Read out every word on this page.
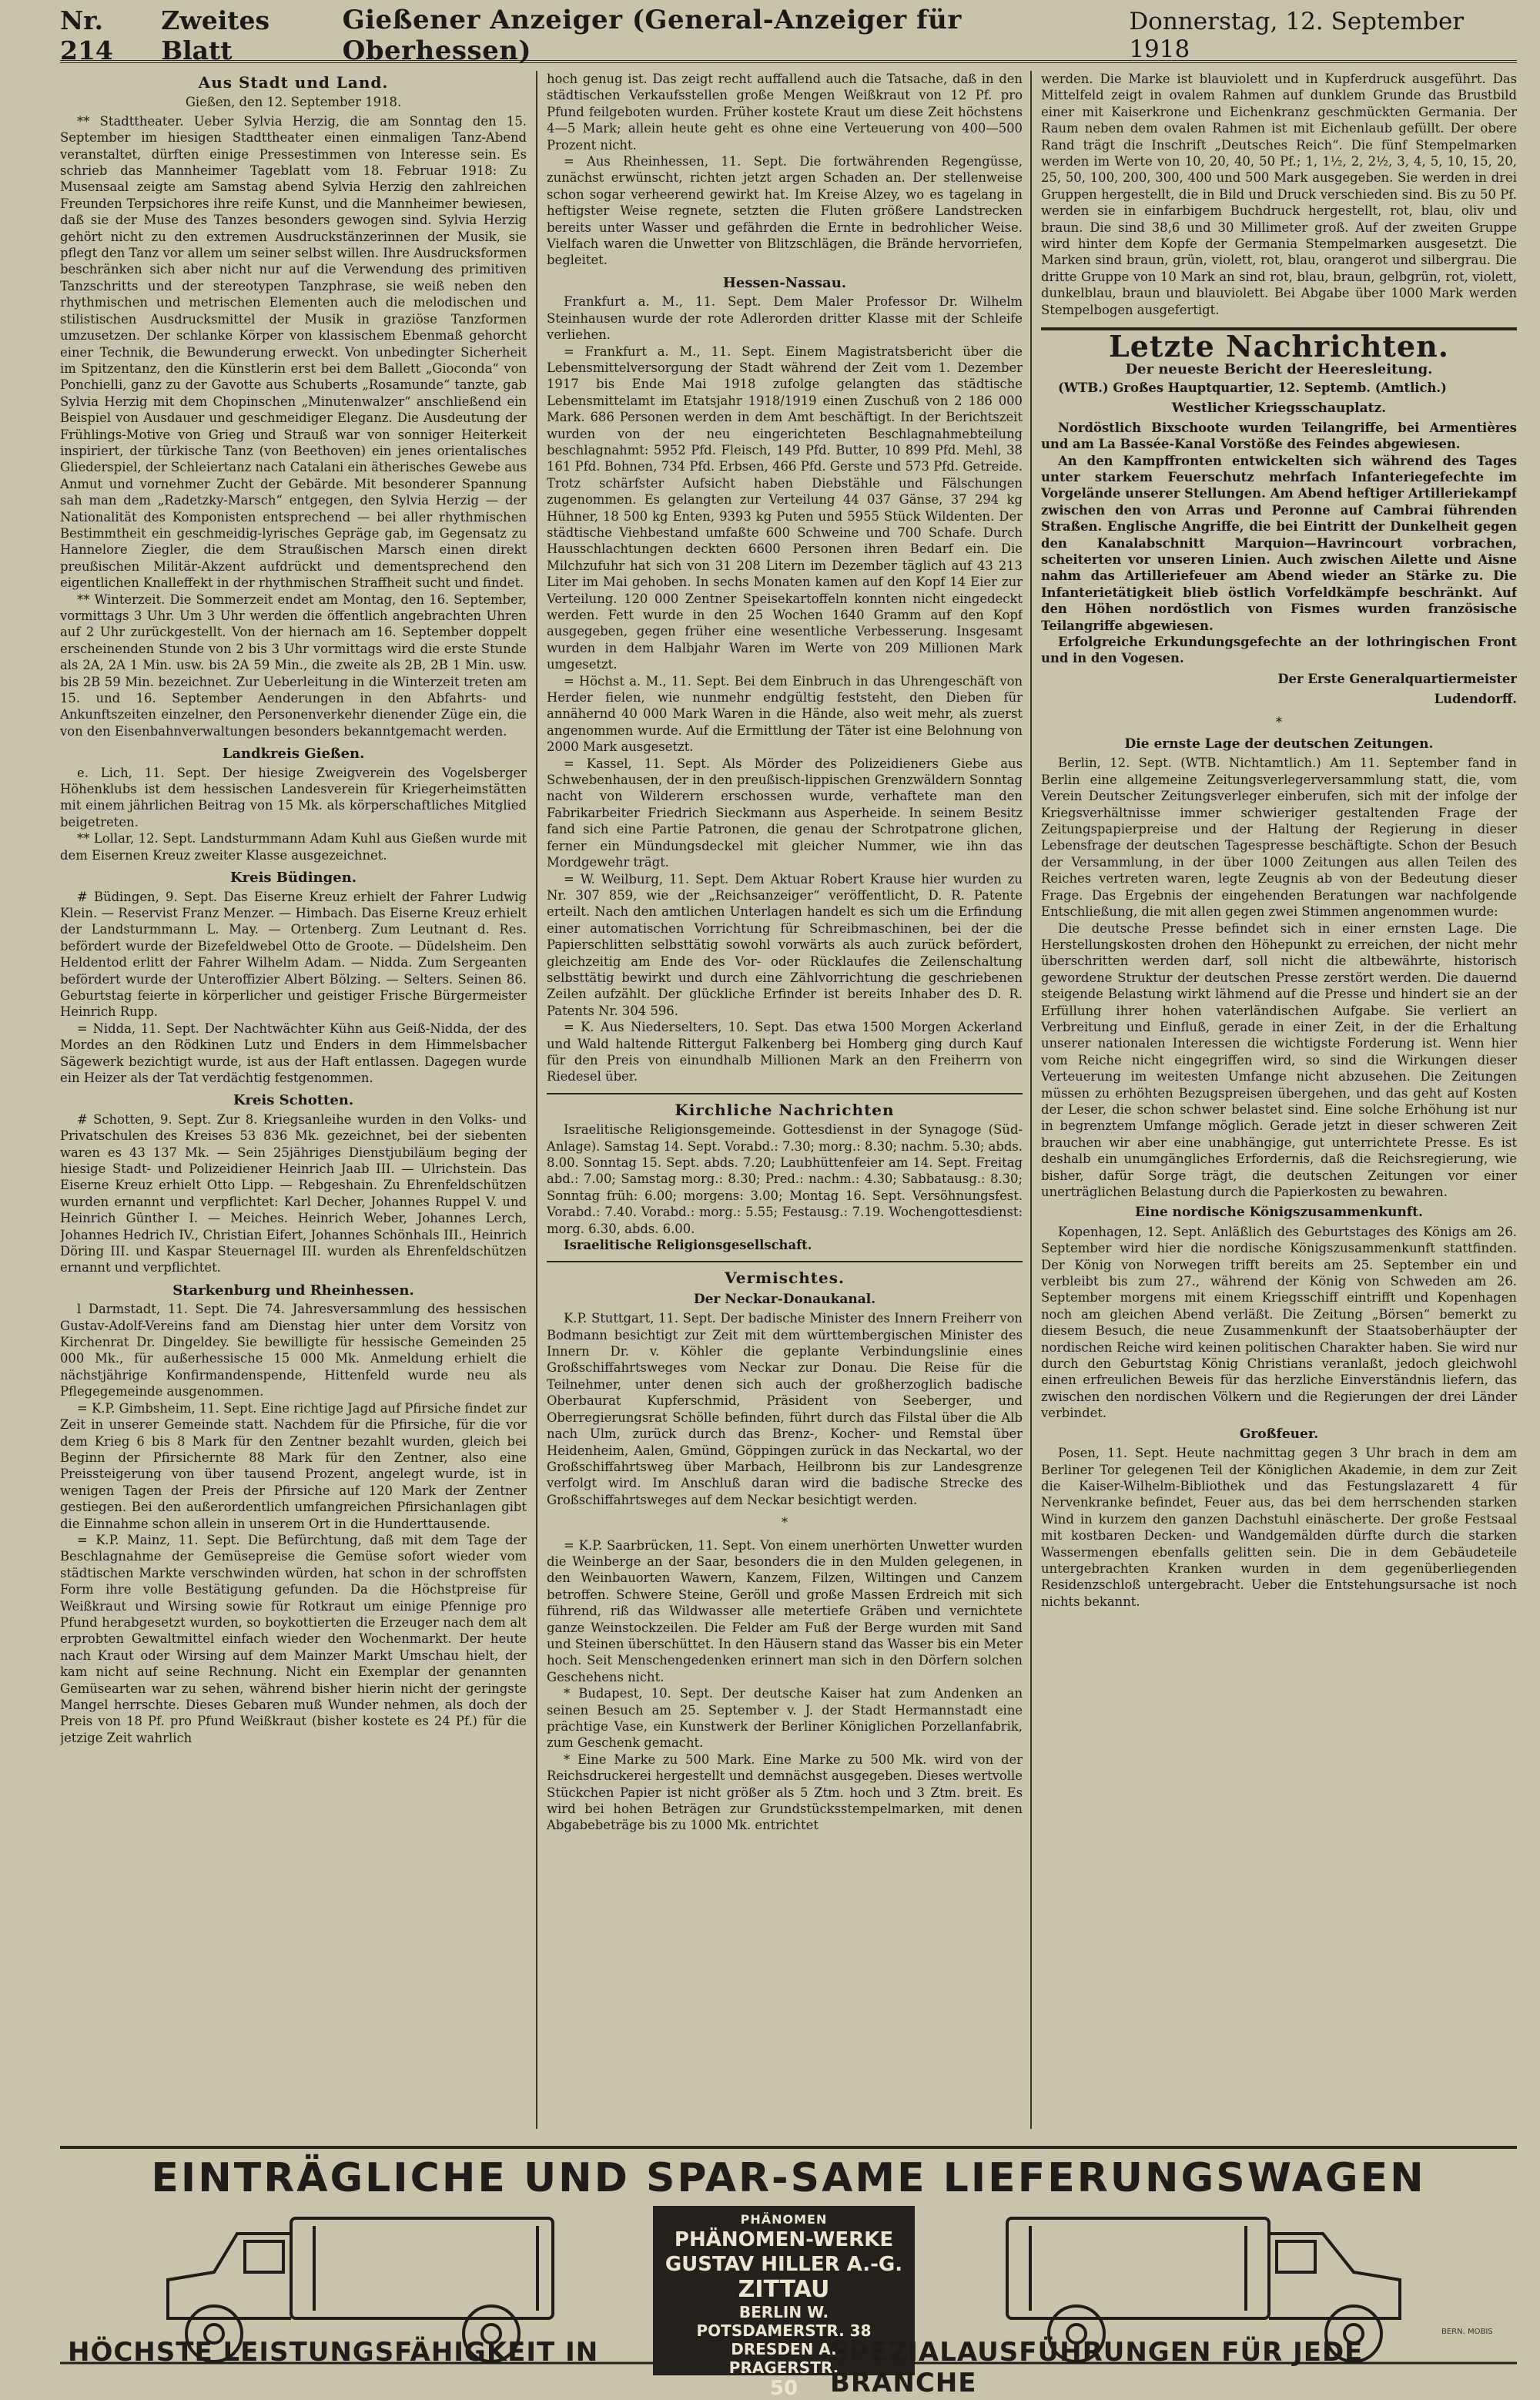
Nr. 214
Zweites Blatt
Gießener Anzeiger (General-Anzeiger für Oberhessen)
Donnerstag, 12. September 1918
Aus Stadt und Land.

Gießen, den 12. September 1918.

** Stadttheater. Ueber Sylvia Herzig, die am Sonntag den 15. September im hiesigen Stadttheater einen einmaligen Tanz-Abend veranstaltet, dürften einige Pressestimmen von Interesse sein. Es schrieb das Mannheimer Tageblatt vom 18. Februar 1918: Zu Musensaal zeigte am Samstag abend Sylvia Herzig den zahlreichen Freunden Terpsichores ihre reife Kunst, und die Mannheimer bewiesen, daß sie der Muse des Tanzes besonders gewogen sind. Sylvia Herzig gehört nicht zu den extremen Ausdruckstänzerinnen der Musik, sie pflegt den Tanz vor allem um seiner selbst willen. Ihre Ausdrucksformen beschränken sich aber nicht nur auf die Verwendung des primitiven Tanzschritts und der stereotypen Tanzphrase, sie weiß neben den rhythmischen und metrischen Elementen auch die melodischen und stilistischen Ausdrucksmittel der Musik in graziöse Tanzformen umzusetzen. Der schlanke Körper von klassischem Ebenmaß gehorcht einer Technik, die Bewunderung erweckt. Von unbedingter Sicherheit im Spitzentanz, den die Künstlerin erst bei dem Ballett „Gioconda“ von Ponchielli, ganz zu der Gavotte aus Schuberts „Rosamunde“ tanzte, gab Sylvia Herzig mit dem Chopinschen „Minutenwalzer“ anschließend ein Beispiel von Ausdauer und geschmeidiger Eleganz. Die Ausdeutung der Frühlings-Motive von Grieg und Strauß war von sonniger Heiterkeit inspiriert, der türkische Tanz (von Beethoven) ein jenes orientalisches Gliederspiel, der Schleiertanz nach Catalani ein ätherisches Gewebe aus Anmut und vornehmer Zucht der Gebärde. Mit besonderer Spannung sah man dem „Radetzky-Marsch“ entgegen, den Sylvia Herzig — der Nationalität des Komponisten entsprechend — bei aller rhythmischen Bestimmtheit ein geschmeidig-lyrisches Gepräge gab, im Gegensatz zu Hannelore Ziegler, die dem Straußischen Marsch einen direkt preußischen Militär-Akzent aufdrückt und dementsprechend den eigentlichen Knalleffekt in der rhythmischen Straffheit sucht und findet.

** Winterzeit. Die Sommerzeit endet am Montag, den 16. September, vormittags 3 Uhr. Um 3 Uhr werden die öffentlich angebrachten Uhren auf 2 Uhr zurückgestellt. Von der hiernach am 16. September doppelt erscheinenden Stunde von 2 bis 3 Uhr vormittags wird die erste Stunde als 2A, 2A 1 Min. usw. bis 2A 59 Min., die zweite als 2B, 2B 1 Min. usw. bis 2B 59 Min. bezeichnet. Zur Ueberleitung in die Winterzeit treten am 15. und 16. September Aenderungen in den Abfahrts- und Ankunftszeiten einzelner, den Personenverkehr dienender Züge ein, die von den Eisenbahnverwaltungen besonders bekanntgemacht werden.

Landkreis Gießen.

e. Lich, 11. Sept. Der hiesige Zweigverein des Vogelsberger Höhenklubs ist dem hessischen Landesverein für Kriegerheimstätten mit einem jährlichen Beitrag von 15 Mk. als körperschaftliches Mitglied beigetreten.

** Lollar, 12. Sept. Landsturmmann Adam Kuhl aus Gießen wurde mit dem Eisernen Kreuz zweiter Klasse ausgezeichnet.

Kreis Büdingen.

# Büdingen, 9. Sept. Das Eiserne Kreuz erhielt der Fahrer Ludwig Klein. — Reservist Franz Menzer. — Himbach. Das Eiserne Kreuz erhielt der Landsturmmann L. May. — Ortenberg. Zum Leutnant d. Res. befördert wurde der Bizefeldwebel Otto de Groote. — Düdelsheim. Den Heldentod erlitt der Fahrer Wilhelm Adam. — Nidda. Zum Sergeanten befördert wurde der Unteroffizier Albert Bölzing. — Selters. Seinen 86. Geburtstag feierte in körperlicher und geistiger Frische Bürgermeister Heinrich Rupp.

= Nidda, 11. Sept. Der Nachtwächter Kühn aus Geiß-Nidda, der des Mordes an den Rödkinen Lutz und Enders in dem Himmelsbacher Sägewerk bezichtigt wurde, ist aus der Haft entlassen. Dagegen wurde ein Heizer als der Tat verdächtig festgenommen.

Kreis Schotten.

# Schotten, 9. Sept. Zur 8. Kriegsanleihe wurden in den Volks- und Privatschulen des Kreises 53 836 Mk. gezeichnet, bei der siebenten waren es 43 137 Mk. — Sein 25jähriges Dienstjubiläum beging der hiesige Stadt- und Polizeidiener Heinrich Jaab III. — Ulrichstein. Das Eiserne Kreuz erhielt Otto Lipp. — Rebgeshain. Zu Ehrenfeldschützen wurden ernannt und verpflichtet: Karl Decher, Johannes Ruppel V. und Heinrich Günther I. — Meiches. Heinrich Weber, Johannes Lerch, Johannes Hedrich IV., Christian Eifert, Johannes Schönhals III., Heinrich Döring III. und Kaspar Steuernagel III. wurden als Ehrenfeldschützen ernannt und verpflichtet.

Starkenburg und Rheinhessen.

l Darmstadt, 11. Sept. Die 74. Jahresversammlung des hessischen Gustav-Adolf-Vereins fand am Dienstag hier unter dem Vorsitz von Kirchenrat Dr. Dingeldey. Sie bewilligte für hessische Gemeinden 25 000 Mk., für außerhessische 15 000 Mk. Anmeldung erhielt die nächstjährige Konfirmandenspende, Hittenfeld wurde neu als Pflegegemeinde ausgenommen.

= K.P. Gimbsheim, 11. Sept. Eine richtige Jagd auf Pfirsiche findet zur Zeit in unserer Gemeinde statt. Nachdem für die Pfirsiche, für die vor dem Krieg 6 bis 8 Mark für den Zentner bezahlt wurden, gleich bei Beginn der Pfirsichernte 88 Mark für den Zentner, also eine Preissteigerung von über tausend Prozent, angelegt wurde, ist in wenigen Tagen der Preis der Pfirsiche auf 120 Mark der Zentner gestiegen. Bei den außerordentlich umfangreichen Pfirsichanlagen gibt die Einnahme schon allein in unserem Ort in die Hunderttausende.

= K.P. Mainz, 11. Sept. Die Befürchtung, daß mit dem Tage der Beschlagnahme der Gemüsepreise die Gemüse sofort wieder vom städtischen Markte verschwinden würden, hat schon in der schroffsten Form ihre volle Bestätigung gefunden. Da die Höchstpreise für Weißkraut und Wirsing sowie für Rotkraut um einige Pfennige pro Pfund herabgesetzt wurden, so boykottierten die Erzeuger nach dem alt erprobten Gewaltmittel einfach wieder den Wochenmarkt. Der heute nach Kraut oder Wirsing auf dem Mainzer Markt Umschau hielt, der kam nicht auf seine Rechnung. Nicht ein Exemplar der genannten Gemüsearten war zu sehen, während bisher hierin nicht der geringste Mangel herrschte. Dieses Gebaren muß Wunder nehmen, als doch der Preis von 18 Pf. pro Pfund Weißkraut (bisher kostete es 24 Pf.) für die jetzige Zeit wahrlich

hoch genug ist. Das zeigt recht auffallend auch die Tatsache, daß in den städtischen Verkaufsstellen große Mengen Weißkraut von 12 Pf. pro Pfund feilgeboten wurden. Früher kostete Kraut um diese Zeit höchstens 4—5 Mark; allein heute geht es ohne eine Verteuerung von 400—500 Prozent nicht.

= Aus Rheinhessen, 11. Sept. Die fortwährenden Regengüsse, zunächst erwünscht, richten jetzt argen Schaden an. Der stellenweise schon sogar verheerend gewirkt hat. Im Kreise Alzey, wo es tagelang in heftigster Weise regnete, setzten die Fluten größere Landstrecken bereits unter Wasser und gefährden die Ernte in bedrohlicher Weise. Vielfach waren die Unwetter von Blitzschlägen, die Brände hervorriefen, begleitet.

Hessen-Nassau.

Frankfurt a. M., 11. Sept. Dem Maler Professor Dr. Wilhelm Steinhausen wurde der rote Adlerorden dritter Klasse mit der Schleife verliehen.

= Frankfurt a. M., 11. Sept. Einem Magistratsbericht über die Lebensmittelversorgung der Stadt während der Zeit vom 1. Dezember 1917 bis Ende Mai 1918 zufolge gelangten das städtische Lebensmittelamt im Etatsjahr 1918/1919 einen Zuschuß von 2 186 000 Mark. 686 Personen werden in dem Amt beschäftigt. In der Berichtszeit wurden von der neu eingerichteten Beschlagnahmebteilung beschlagnahmt: 5952 Pfd. Fleisch, 149 Pfd. Butter, 10 899 Pfd. Mehl, 38 161 Pfd. Bohnen, 734 Pfd. Erbsen, 466 Pfd. Gerste und 573 Pfd. Getreide. Trotz schärfster Aufsicht haben Diebstähle und Fälschungen zugenommen. Es gelangten zur Verteilung 44 037 Gänse, 37 294 kg Hühner, 18 500 kg Enten, 9393 kg Puten und 5955 Stück Wildenten. Der städtische Viehbestand umfaßte 600 Schweine und 700 Schafe. Durch Hausschlachtungen deckten 6600 Personen ihren Bedarf ein. Die Milchzufuhr hat sich von 31 208 Litern im Dezember täglich auf 43 213 Liter im Mai gehoben. In sechs Monaten kamen auf den Kopf 14 Eier zur Verteilung. 120 000 Zentner Speisekartoffeln konnten nicht eingedeckt werden. Fett wurde in den 25 Wochen 1640 Gramm auf den Kopf ausgegeben, gegen früher eine wesentliche Verbesserung. Insgesamt wurden in dem Halbjahr Waren im Werte von 209 Millionen Mark umgesetzt.

= Höchst a. M., 11. Sept. Bei dem Einbruch in das Uhrengeschäft von Herder fielen, wie nunmehr endgültig feststeht, den Dieben für annähernd 40 000 Mark Waren in die Hände, also weit mehr, als zuerst angenommen wurde. Auf die Ermittlung der Täter ist eine Belohnung von 2000 Mark ausgesetzt.

= Kassel, 11. Sept. Als Mörder des Polizeidieners Giebe aus Schwebenhausen, der in den preußisch-lippischen Grenzwäldern Sonntag nacht von Wilderern erschossen wurde, verhaftete man den Fabrikarbeiter Friedrich Sieckmann aus Asperheide. In seinem Besitz fand sich eine Partie Patronen, die genau der Schrotpatrone glichen, ferner ein Mündungsdeckel mit gleicher Nummer, wie ihn das Mordgewehr trägt.

= W. Weilburg, 11. Sept. Dem Aktuar Robert Krause hier wurden zu Nr. 307 859, wie der „Reichsanzeiger“ veröffentlicht, D. R. Patente erteilt. Nach den amtlichen Unterlagen handelt es sich um die Erfindung einer automatischen Vorrichtung für Schreibmaschinen, bei der die Papierschlitten selbsttätig sowohl vorwärts als auch zurück befördert, gleichzeitig am Ende des Vor- oder Rücklaufes die Zeilenschaltung selbsttätig bewirkt und durch eine Zählvorrichtung die geschriebenen Zeilen aufzählt. Der glückliche Erfinder ist bereits Inhaber des D. R. Patents Nr. 304 596.

= K. Aus Niederselters, 10. Sept. Das etwa 1500 Morgen Ackerland und Wald haltende Rittergut Falkenberg bei Homberg ging durch Kauf für den Preis von einundhalb Millionen Mark an den Freiherrn von Riedesel über.

Kirchliche Nachrichten

Israelitische Religionsgemeinde. Gottesdienst in der Synagoge (Süd-Anlage). Samstag 14. Sept. Vorabd.: 7.30; morg.: 8.30; nachm. 5.30; abds. 8.00. Sonntag 15. Sept. abds. 7.20; Laubhüttenfeier am 14. Sept. Freitag abd.: 7.00; Samstag morg.: 8.30; Pred.: nachm.: 4.30; Sabbatausg.: 8.30; Sonntag früh: 6.00; morgens: 3.00; Montag 16. Sept. Versöhnungsfest. Vorabd.: 7.40. Vorabd.: morg.: 5.55; Festausg.: 7.19. Wochengottesdienst: morg. 6.30, abds. 6.00.

Israelitische Religionsgesellschaft.

Vermischtes.
Der Neckar-Donaukanal.

K.P. Stuttgart, 11. Sept. Der badische Minister des Innern Freiherr von Bodmann besichtigt zur Zeit mit dem württembergischen Minister des Innern Dr. v. Köhler die geplante Verbindungslinie eines Großschiffahrtsweges vom Neckar zur Donau. Die Reise für die Teilnehmer, unter denen sich auch der großherzoglich badische Oberbaurat Kupferschmid, Präsident von Seeberger, und Oberregierungsrat Schölle befinden, führt durch das Filstal über die Alb nach Ulm, zurück durch das Brenz-, Kocher- und Remstal über Heidenheim, Aalen, Gmünd, Göppingen zurück in das Neckartal, wo der Großschiffahrtsweg über Marbach, Heilbronn bis zur Landesgrenze verfolgt wird. Im Anschluß daran wird die badische Strecke des Großschiffahrtsweges auf dem Neckar besichtigt werden.

*

= K.P. Saarbrücken, 11. Sept. Von einem unerhörten Unwetter wurden die Weinberge an der Saar, besonders die in den Mulden gelegenen, in den Weinbauorten Wawern, Kanzem, Filzen, Wiltingen und Canzem betroffen. Schwere Steine, Geröll und große Massen Erdreich mit sich führend, riß das Wildwasser alle metertiefe Gräben und vernichtete ganze Weinstockzeilen. Die Felder am Fuß der Berge wurden mit Sand und Steinen überschüttet. In den Häusern stand das Wasser bis ein Meter hoch. Seit Menschengedenken erinnert man sich in den Dörfern solchen Geschehens nicht.

* Budapest, 10. Sept. Der deutsche Kaiser hat zum Andenken an seinen Besuch am 25. September v. J. der Stadt Hermannstadt eine prächtige Vase, ein Kunstwerk der Berliner Königlichen Porzellanfabrik, zum Geschenk gemacht.

* Eine Marke zu 500 Mark. Eine Marke zu 500 Mk. wird von der Reichsdruckerei hergestellt und demnächst ausgegeben. Dieses wertvolle Stückchen Papier ist nicht größer als 5 Ztm. hoch und 3 Ztm. breit. Es wird bei hohen Beträgen zur Grundstücksstempelmarken, mit denen Abgabebeträge bis zu 1000 Mk. entrichtet

werden. Die Marke ist blauviolett und in Kupferdruck ausgeführt. Das Mittelfeld zeigt in ovalem Rahmen auf dunklem Grunde das Brustbild einer mit Kaiserkrone und Eichenkranz geschmückten Germania. Der Raum neben dem ovalen Rahmen ist mit Eichenlaub gefüllt. Der obere Rand trägt die Inschrift „Deutsches Reich“. Die fünf Stempelmarken werden im Werte von 10, 20, 40, 50 Pf.; 1, 1½, 2, 2½, 3, 4, 5, 10, 15, 20, 25, 50, 100, 200, 300, 400 und 500 Mark ausgegeben. Sie werden in drei Gruppen hergestellt, die in Bild und Druck verschieden sind. Bis zu 50 Pf. werden sie in einfarbigem Buchdruck hergestellt, rot, blau, oliv und braun. Die sind 38,6 und 30 Millimeter groß. Auf der zweiten Gruppe wird hinter dem Kopfe der Germania Stempelmarken ausgesetzt. Die Marken sind braun, grün, violett, rot, blau, orangerot und silbergrau. Die dritte Gruppe von 10 Mark an sind rot, blau, braun, gelbgrün, rot, violett, dunkelblau, braun und blauviolett. Bei Abgabe über 1000 Mark werden Stempelbogen ausgefertigt.

Letzte Nachrichten.
Der neueste Bericht der Heeresleitung.

(WTB.) Großes Hauptquartier, 12. Septemb. (Amtlich.)

Westlicher Kriegsschauplatz.

Nordöstlich Bixschoote wurden Teilangriffe, bei Armentières und am La Bassée-Kanal Vorstöße des Feindes abgewiesen.

An den Kampffronten entwickelten sich während des Tages unter starkem Feuerschutz mehrfach Infanteriegefechte im Vorgelände unserer Stellungen. Am Abend heftiger Artilleriekampf zwischen den von Arras und Peronne auf Cambrai führenden Straßen. Englische Angriffe, die bei Eintritt der Dunkelheit gegen den Kanalabschnitt Marquion—Havrincourt vorbrachen, scheiterten vor unseren Linien. Auch zwischen Ailette und Aisne nahm das Artilleriefeuer am Abend wieder an Stärke zu. Die Infanterietätigkeit blieb östlich Vorfeldkämpfe beschränkt. Auf den Höhen nordöstlich von Fismes wurden französische Teilangriffe abgewiesen.

Erfolgreiche Erkundungsgefechte an der lothringischen Front und in den Vogesen.

Der Erste Generalquartiermeister

Ludendorff.

*

Die ernste Lage der deutschen Zeitungen.

Berlin, 12. Sept. (WTB. Nichtamtlich.) Am 11. September fand in Berlin eine allgemeine Zeitungsverlegerversammlung statt, die, vom Verein Deutscher Zeitungsverleger einberufen, sich mit der infolge der Kriegsverhältnisse immer schwieriger gestaltenden Frage der Zeitungspapierpreise und der Haltung der Regierung in dieser Lebensfrage der deutschen Tagespresse beschäftigte. Schon der Besuch der Versammlung, in der über 1000 Zeitungen aus allen Teilen des Reiches vertreten waren, legte Zeugnis ab von der Bedeutung dieser Frage. Das Ergebnis der eingehenden Beratungen war nachfolgende Entschließung, die mit allen gegen zwei Stimmen angenommen wurde:

Die deutsche Presse befindet sich in einer ernsten Lage. Die Herstellungskosten drohen den Höhepunkt zu erreichen, der nicht mehr überschritten werden darf, soll nicht die altbewährte, historisch gewordene Struktur der deutschen Presse zerstört werden. Die dauernd steigende Belastung wirkt lähmend auf die Presse und hindert sie an der Erfüllung ihrer hohen vaterländischen Aufgabe. Sie verliert an Verbreitung und Einfluß, gerade in einer Zeit, in der die Erhaltung unserer nationalen Interessen die wichtigste Forderung ist. Wenn hier vom Reiche nicht eingegriffen wird, so sind die Wirkungen dieser Verteuerung im weitesten Umfange nicht abzusehen. Die Zeitungen müssen zu erhöhten Bezugspreisen übergehen, und das geht auf Kosten der Leser, die schon schwer belastet sind. Eine solche Erhöhung ist nur in begrenztem Umfange möglich. Gerade jetzt in dieser schweren Zeit brauchen wir aber eine unabhängige, gut unterrichtete Presse. Es ist deshalb ein unumgängliches Erfordernis, daß die Reichsregierung, wie bisher, dafür Sorge trägt, die deutschen Zeitungen vor einer unerträglichen Belastung durch die Papierkosten zu bewahren.

Eine nordische Königszusammenkunft.

Kopenhagen, 12. Sept. Anläßlich des Geburtstages des Königs am 26. September wird hier die nordische Königszusammenkunft stattfinden. Der König von Norwegen trifft bereits am 25. September ein und verbleibt bis zum 27., während der König von Schweden am 26. September morgens mit einem Kriegsschiff eintrifft und Kopenhagen noch am gleichen Abend verläßt. Die Zeitung „Börsen“ bemerkt zu diesem Besuch, die neue Zusammenkunft der Staatsoberhäupter der nordischen Reiche wird keinen politischen Charakter haben. Sie wird nur durch den Geburtstag König Christians veranlaßt, jedoch gleichwohl einen erfreulichen Beweis für das herzliche Einverständnis liefern, das zwischen den nordischen Völkern und die Regierungen der drei Länder verbindet.

Großfeuer.

Posen, 11. Sept. Heute nachmittag gegen 3 Uhr brach in dem am Berliner Tor gelegenen Teil der Königlichen Akademie, in dem zur Zeit die Kaiser-Wilhelm-Bibliothek und das Festungslazarett 4 für Nervenkranke befindet, Feuer aus, das bei dem herrschenden starken Wind in kurzem den ganzen Dachstuhl einäscherte. Der große Festsaal mit kostbaren Decken- und Wandgemälden dürfte durch die starken Wassermengen ebenfalls gelitten sein. Die in dem Gebäudeteile untergebrachten Kranken wurden in dem gegenüberliegenden Residenzschloß untergebracht. Ueber die Entstehungsursache ist noch nichts bekannt.

EINTRÄGLICHE UND SPAR-SAME LIEFERUNGSWAGEN
PHÄNOMEN
PHÄNOMEN-WERKE
GUSTAV HILLER A.-G.
ZITTAU
BERLIN W.
POTSDAMERSTR. 38
DRESDEN A.
PRAGERSTR.
50
BERN. MOBIS
HÖCHSTE LEISTUNGSFÄHIGKEIT IN	SPEZIALAUSFÜHRUNGEN FÜR JEDE BRANCHE
